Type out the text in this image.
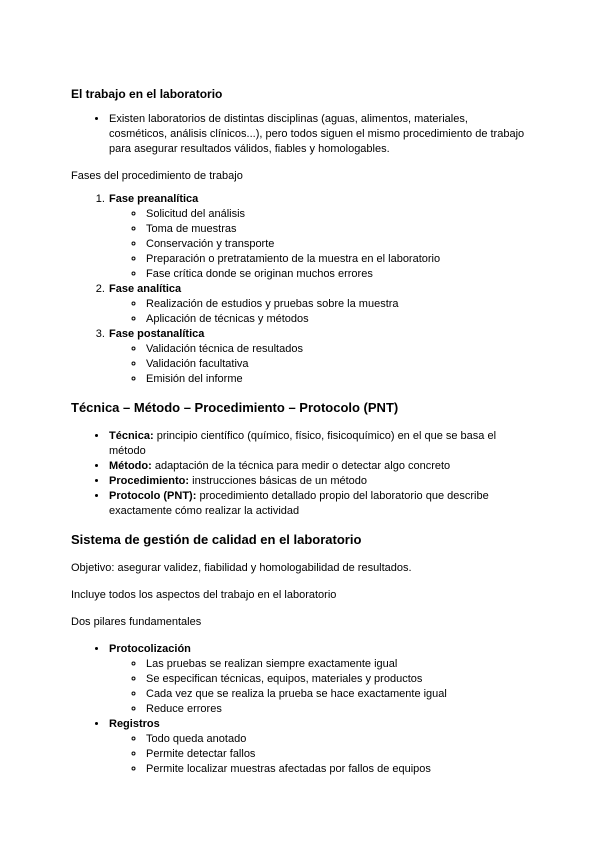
El trabajo en el laboratorio
• Existen laboratorios de distintas disciplinas (aguas, alimentos, materiales, cosméticos, análisis clínicos...), pero todos siguen el mismo procedimiento de trabajo para asegurar resultados válidos, fiables y homologables.

Fases del procedimiento de trabajo

1. Fase preanalítica
◦ Solicitud del análisis
◦ Toma de muestras
◦ Conservación y transporte
◦ Preparación o pretratamiento de la muestra en el laboratorio
◦ Fase crítica donde se originan muchos errores
2. Fase analítica
◦ Realización de estudios y pruebas sobre la muestra
◦ Aplicación de técnicas y métodos
3. Fase postanalítica
◦ Validación técnica de resultados
◦ Validación facultativa
◦ Emisión del informe
Técnica – Método – Procedimiento – Protocolo (PNT)
• Técnica: principio científico (químico, físico, fisicoquímico) en el que se basa el método
• Método: adaptación de la técnica para medir o detectar algo concreto
• Procedimiento: instrucciones básicas de un método
• Protocolo (PNT): procedimiento detallado propio del laboratorio que describe exactamente cómo realizar la actividad
Sistema de gestión de calidad en el laboratorio

Objetivo: asegurar validez, fiabilidad y homologabilidad de resultados.

Incluye todos los aspectos del trabajo en el laboratorio

Dos pilares fundamentales

• Protocolización
◦ Las pruebas se realizan siempre exactamente igual
◦ Se especifican técnicas, equipos, materiales y productos
◦ Cada vez que se realiza la prueba se hace exactamente igual
◦ Reduce errores
• Registros
◦ Todo queda anotado
◦ Permite detectar fallos
◦ Permite localizar muestras afectadas por fallos de equipos
